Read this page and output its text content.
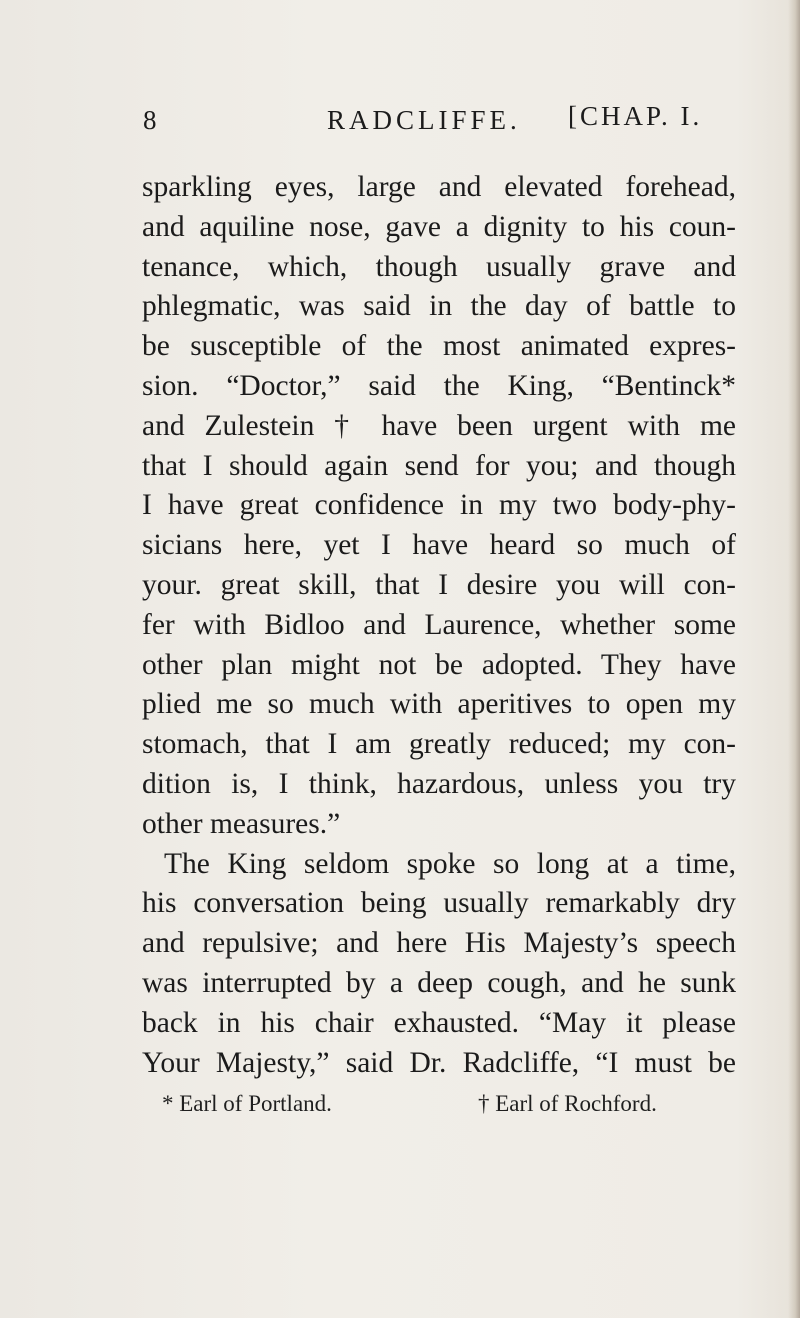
8	RADCLIFFE. [CHAP. I.
sparkling eyes, large and elevated forehead,
and aquiline nose, gave a dignity to his coun-
tenance, which, though usually grave and
phlegmatic, was said in the day of battle to
be susceptible of the most animated expres-
sion. “Doctor,” said the King, “Bentinck*
and Zulestein † have been urgent with me
that I should again send for you; and though
I have great confidence in my two body-phy-
sicians here, yet I have heard so much of
your. great skill, that I desire you will con-
fer with Bidloo and Laurence, whether some
other plan might not be adopted. They have
plied me so much with aperitives to open my
stomach, that I am greatly reduced; my con-
dition is, I think, hazardous, unless you try
other measures.”
The King seldom spoke so long at a time,
his conversation being usually remarkably dry
and repulsive; and here His Majesty’s speech
was interrupted by a deep cough, and he sunk
back in his chair exhausted. “May it please
Your Majesty,” said Dr. Radcliffe, “I must be
* Earl of Portland.	† Earl of Rochford.
